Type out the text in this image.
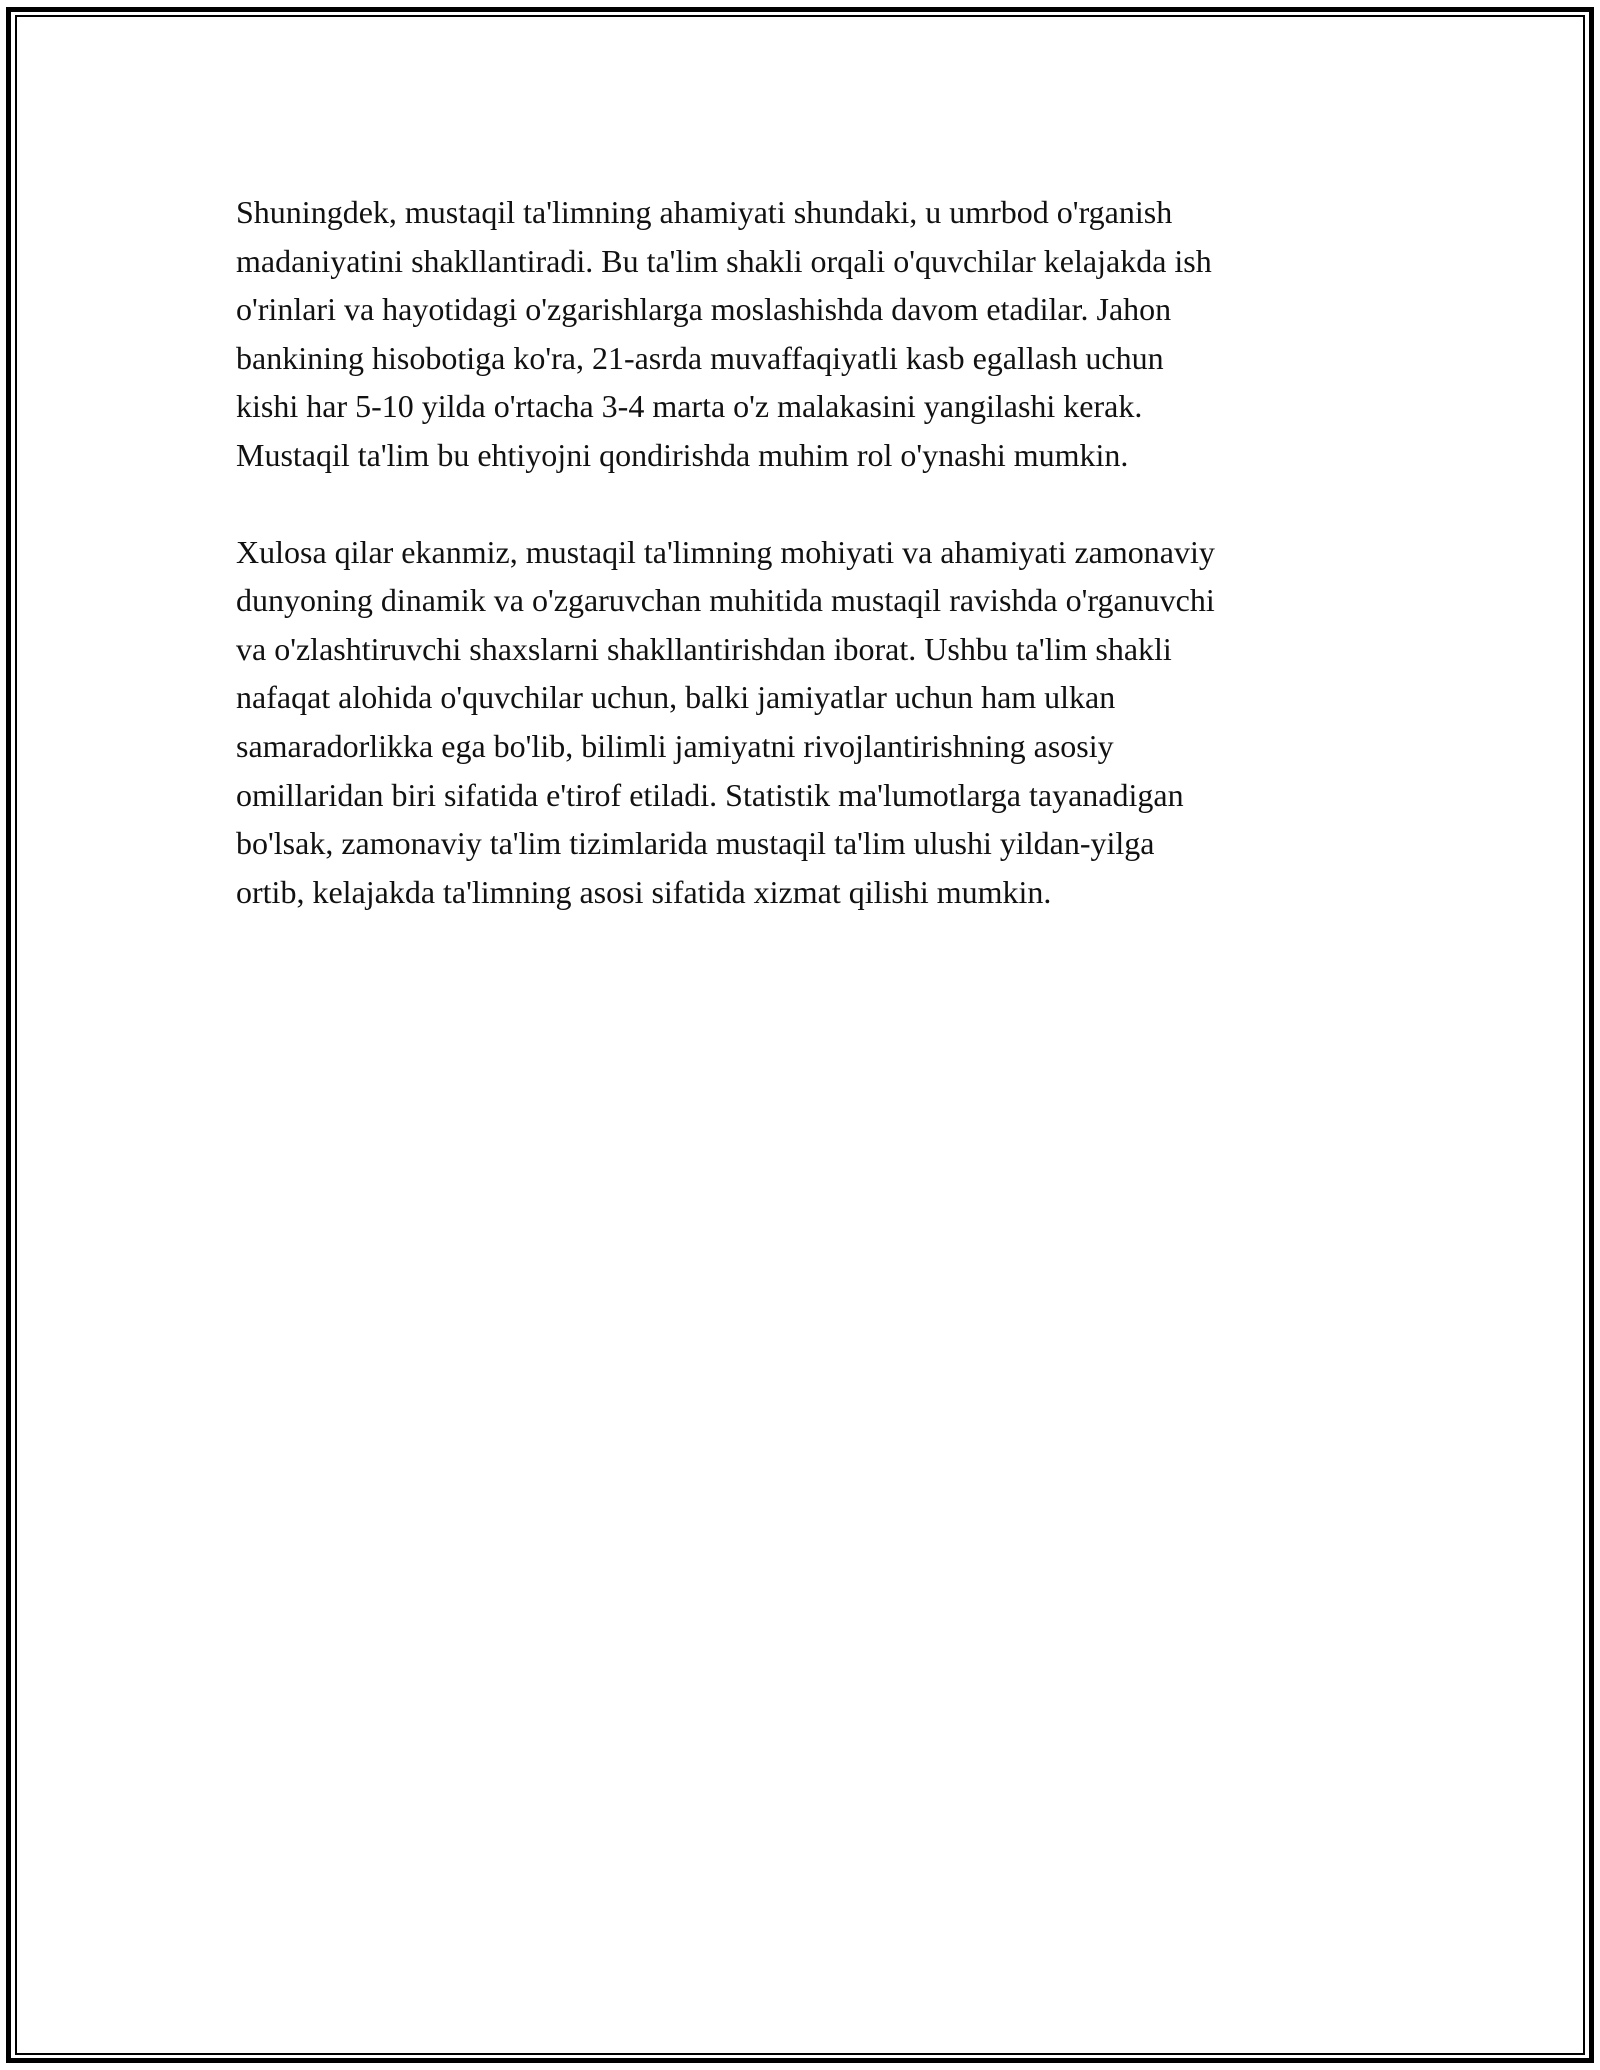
Shuningdek, mustaqil ta'limning ahamiyati shundaki, u umrbod o'rganish
madaniyatini shakllantiradi. Bu ta'lim shakli orqali o'quvchilar kelajakda ish
o'rinlari va hayotidagi o'zgarishlarga moslashishda davom etadilar. Jahon
bankining hisobotiga ko'ra, 21-asrda muvaffaqiyatli kasb egallash uchun
kishi har 5-10 yilda o'rtacha 3-4 marta o'z malakasini yangilashi kerak.
Mustaqil ta'lim bu ehtiyojni qondirishda muhim rol o'ynashi mumkin.

Xulosa qilar ekanmiz, mustaqil ta'limning mohiyati va ahamiyati zamonaviy
dunyoning dinamik va o'zgaruvchan muhitida mustaqil ravishda o'rganuvchi
va o'zlashtiruvchi shaxslarni shakllantirishdan iborat. Ushbu ta'lim shakli
nafaqat alohida o'quvchilar uchun, balki jamiyatlar uchun ham ulkan
samaradorlikka ega bo'lib, bilimli jamiyatni rivojlantirishning asosiy
omillaridan biri sifatida e'tirof etiladi. Statistik ma'lumotlarga tayanadigan
bo'lsak, zamonaviy ta'lim tizimlarida mustaqil ta'lim ulushi yildan-yilga
ortib, kelajakda ta'limning asosi sifatida xizmat qilishi mumkin.
